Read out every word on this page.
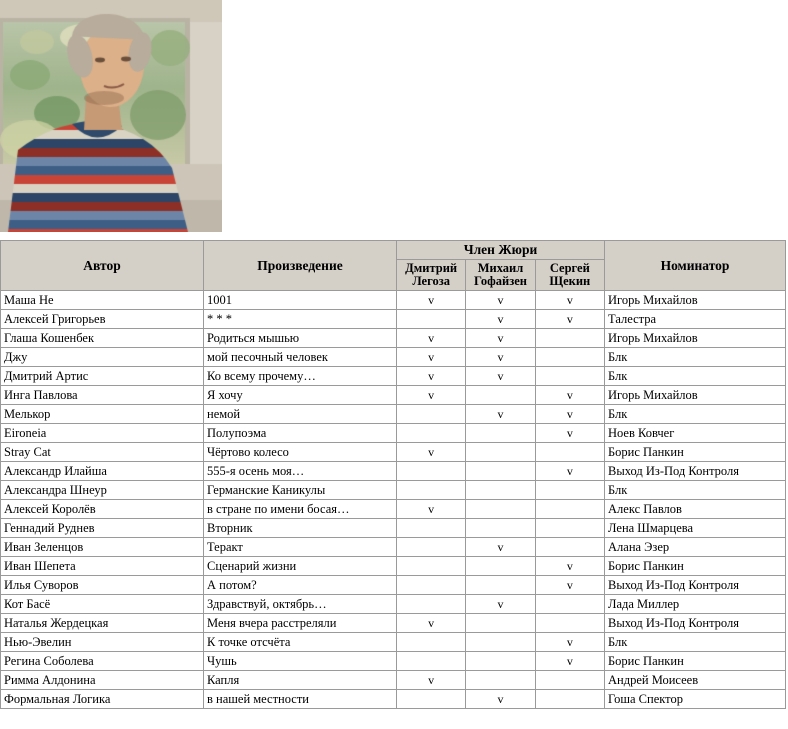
Автор	Произведение	Член Жюри			Номинатор
		Дмитрий Легоза	Михаил Гофайзен	Сергей Щекин	
Маша Не	1001	v	v	v	Игорь Михайлов
Алексей Григорьев	* * *		v	v	Талестра
Глаша Кошенбек	Родиться мышью	v	v		Игорь Михайлов
Джу	мой песочный человек	v	v		Блк
Дмитрий Артис	Ко всему прочему…	v	v		Блк
Инга Павлова	Я хочу	v		v	Игорь Михайлов
Мелькор	немой		v	v	Блк
Eironeia	Полупоэма			v	Ноев Ковчег
Stray Cat	Чёртово колесо	v			Борис Панкин
Александр Илайша	555-я осень моя…			v	Выход Из-Под Контроля
Александра Шнеур	Германские Каникулы				Блк
Алексей Королёв	в стране по имени босая…	v			Алекс Павлов
Геннадий Руднев	Вторник				Лена Шмарцева
Иван Зеленцов	Теракт		v		Алана Эзер
Иван Шепета	Сценарий жизни			v	Борис Панкин
Илья Суворов	А потом?			v	Выход Из-Под Контроля
Кот Басё	Здравствуй, октябрь…		v		Лада Миллер
Наталья Жердецкая	Меня вчера расстреляли	v			Выход Из-Под Контроля
Нью-Эвелин	К точке отсчёта			v	Блк
Регина Соболева	Чушь			v	Борис Панкин
Римма Алдонина	Капля	v			Андрей Моисеев
Формальная Логика	в нашей местности		v		Гоша Спектор
